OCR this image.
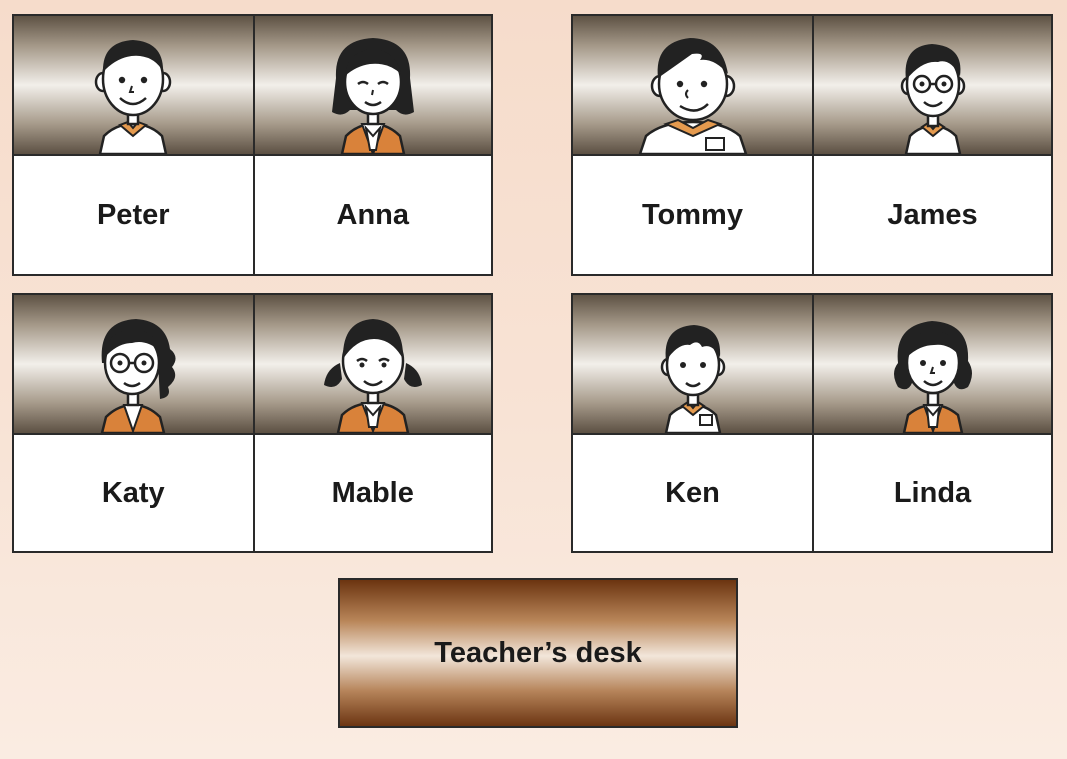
Peter	Anna	Tommy	James
Katy	Mable	Ken	Linda
Teacher’s desk
